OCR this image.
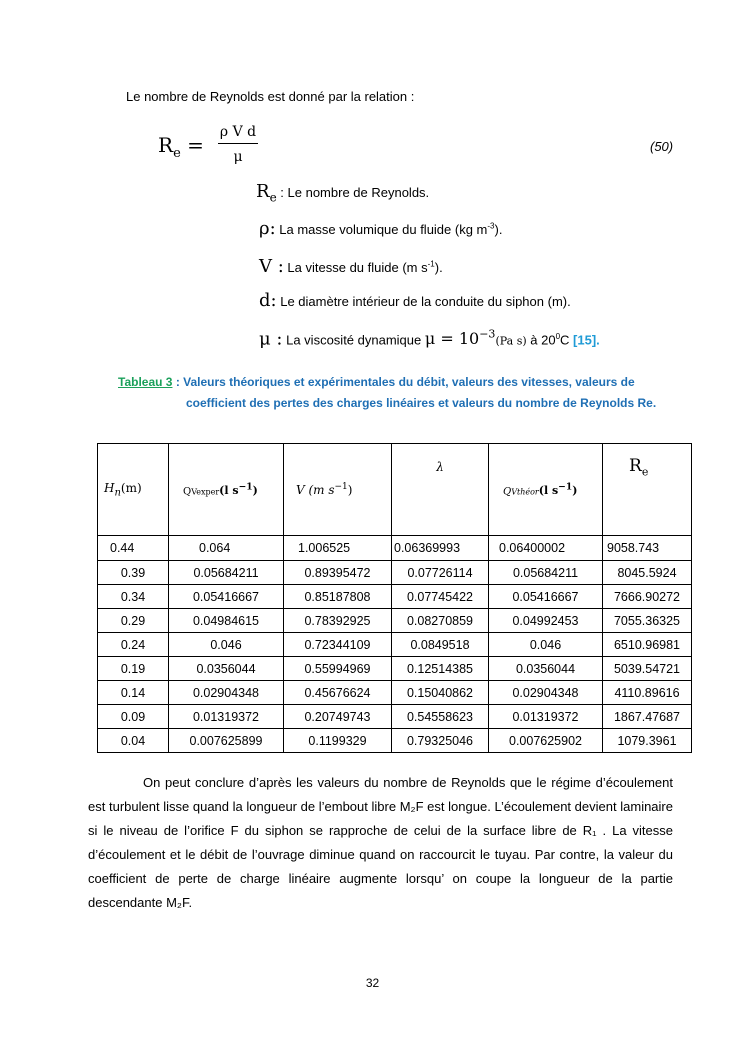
Le nombre de Reynolds est donné par la relation :
$R_e$ =
ρ V d
μ
(50)
$R_e$ : Le nombre de Reynolds.
ρ: La masse volumique du fluide (kg $m^{-3}$).
V : La vitesse du fluide (m $s^{-1}$).
d: Le diamètre intérieur de la conduite du siphon (m).
μ : La viscosité dynamique $\mu = 10^{-3}(Pa$ s) à $20^0C$ [15].
Tableau 3 : Valeurs théoriques et expérimentales du débit, valeurs des vitesses, valeurs de
coefficient des pertes des charges linéaires et valeurs du nombre de Reynolds Re.
$H_n(m)$	QVexper(l $s^{-1}$)	V (m $s^{-1}$)	λ	QVthéor(l $s^{-1}$)	$R_e$
0.44	0.064	1.006525	0.06369993	0.06400002	9058.743
0.39	0.05684211	0.89395472	0.07726114	0.05684211	8045.5924
0.34	0.05416667	0.85187808	0.07745422	0.05416667	7666.90272
0.29	0.04984615	0.78392925	0.08270859	0.04992453	7055.36325
0.24	0.046	0.72344109	0.0849518	0.046	6510.96981
0.19	0.0356044	0.55994969	0.12514385	0.0356044	5039.54721
0.14	0.02904348	0.45676624	0.15040862	0.02904348	4110.89616
0.09	0.01319372	0.20749743	0.54558623	0.01319372	1867.47687
0.04	0.007625899	0.1199329	0.79325046	0.007625902	1079.3961

On peut conclure d’après les valeurs du nombre de Reynolds que le régime d’écoulement est turbulent lisse quand la longueur de l’embout libre M₂F est longue. L’écoulement devient laminaire si le niveau de l’orifice F du siphon se rapproche de celui de la surface libre de R₁ . La vitesse d’écoulement et le débit de l’ouvrage diminue quand on raccourcit le tuyau. Par contre, la valeur du coefficient de perte de charge linéaire augmente lorsqu’ on coupe la longueur de la partie descendante M₂F.

32
